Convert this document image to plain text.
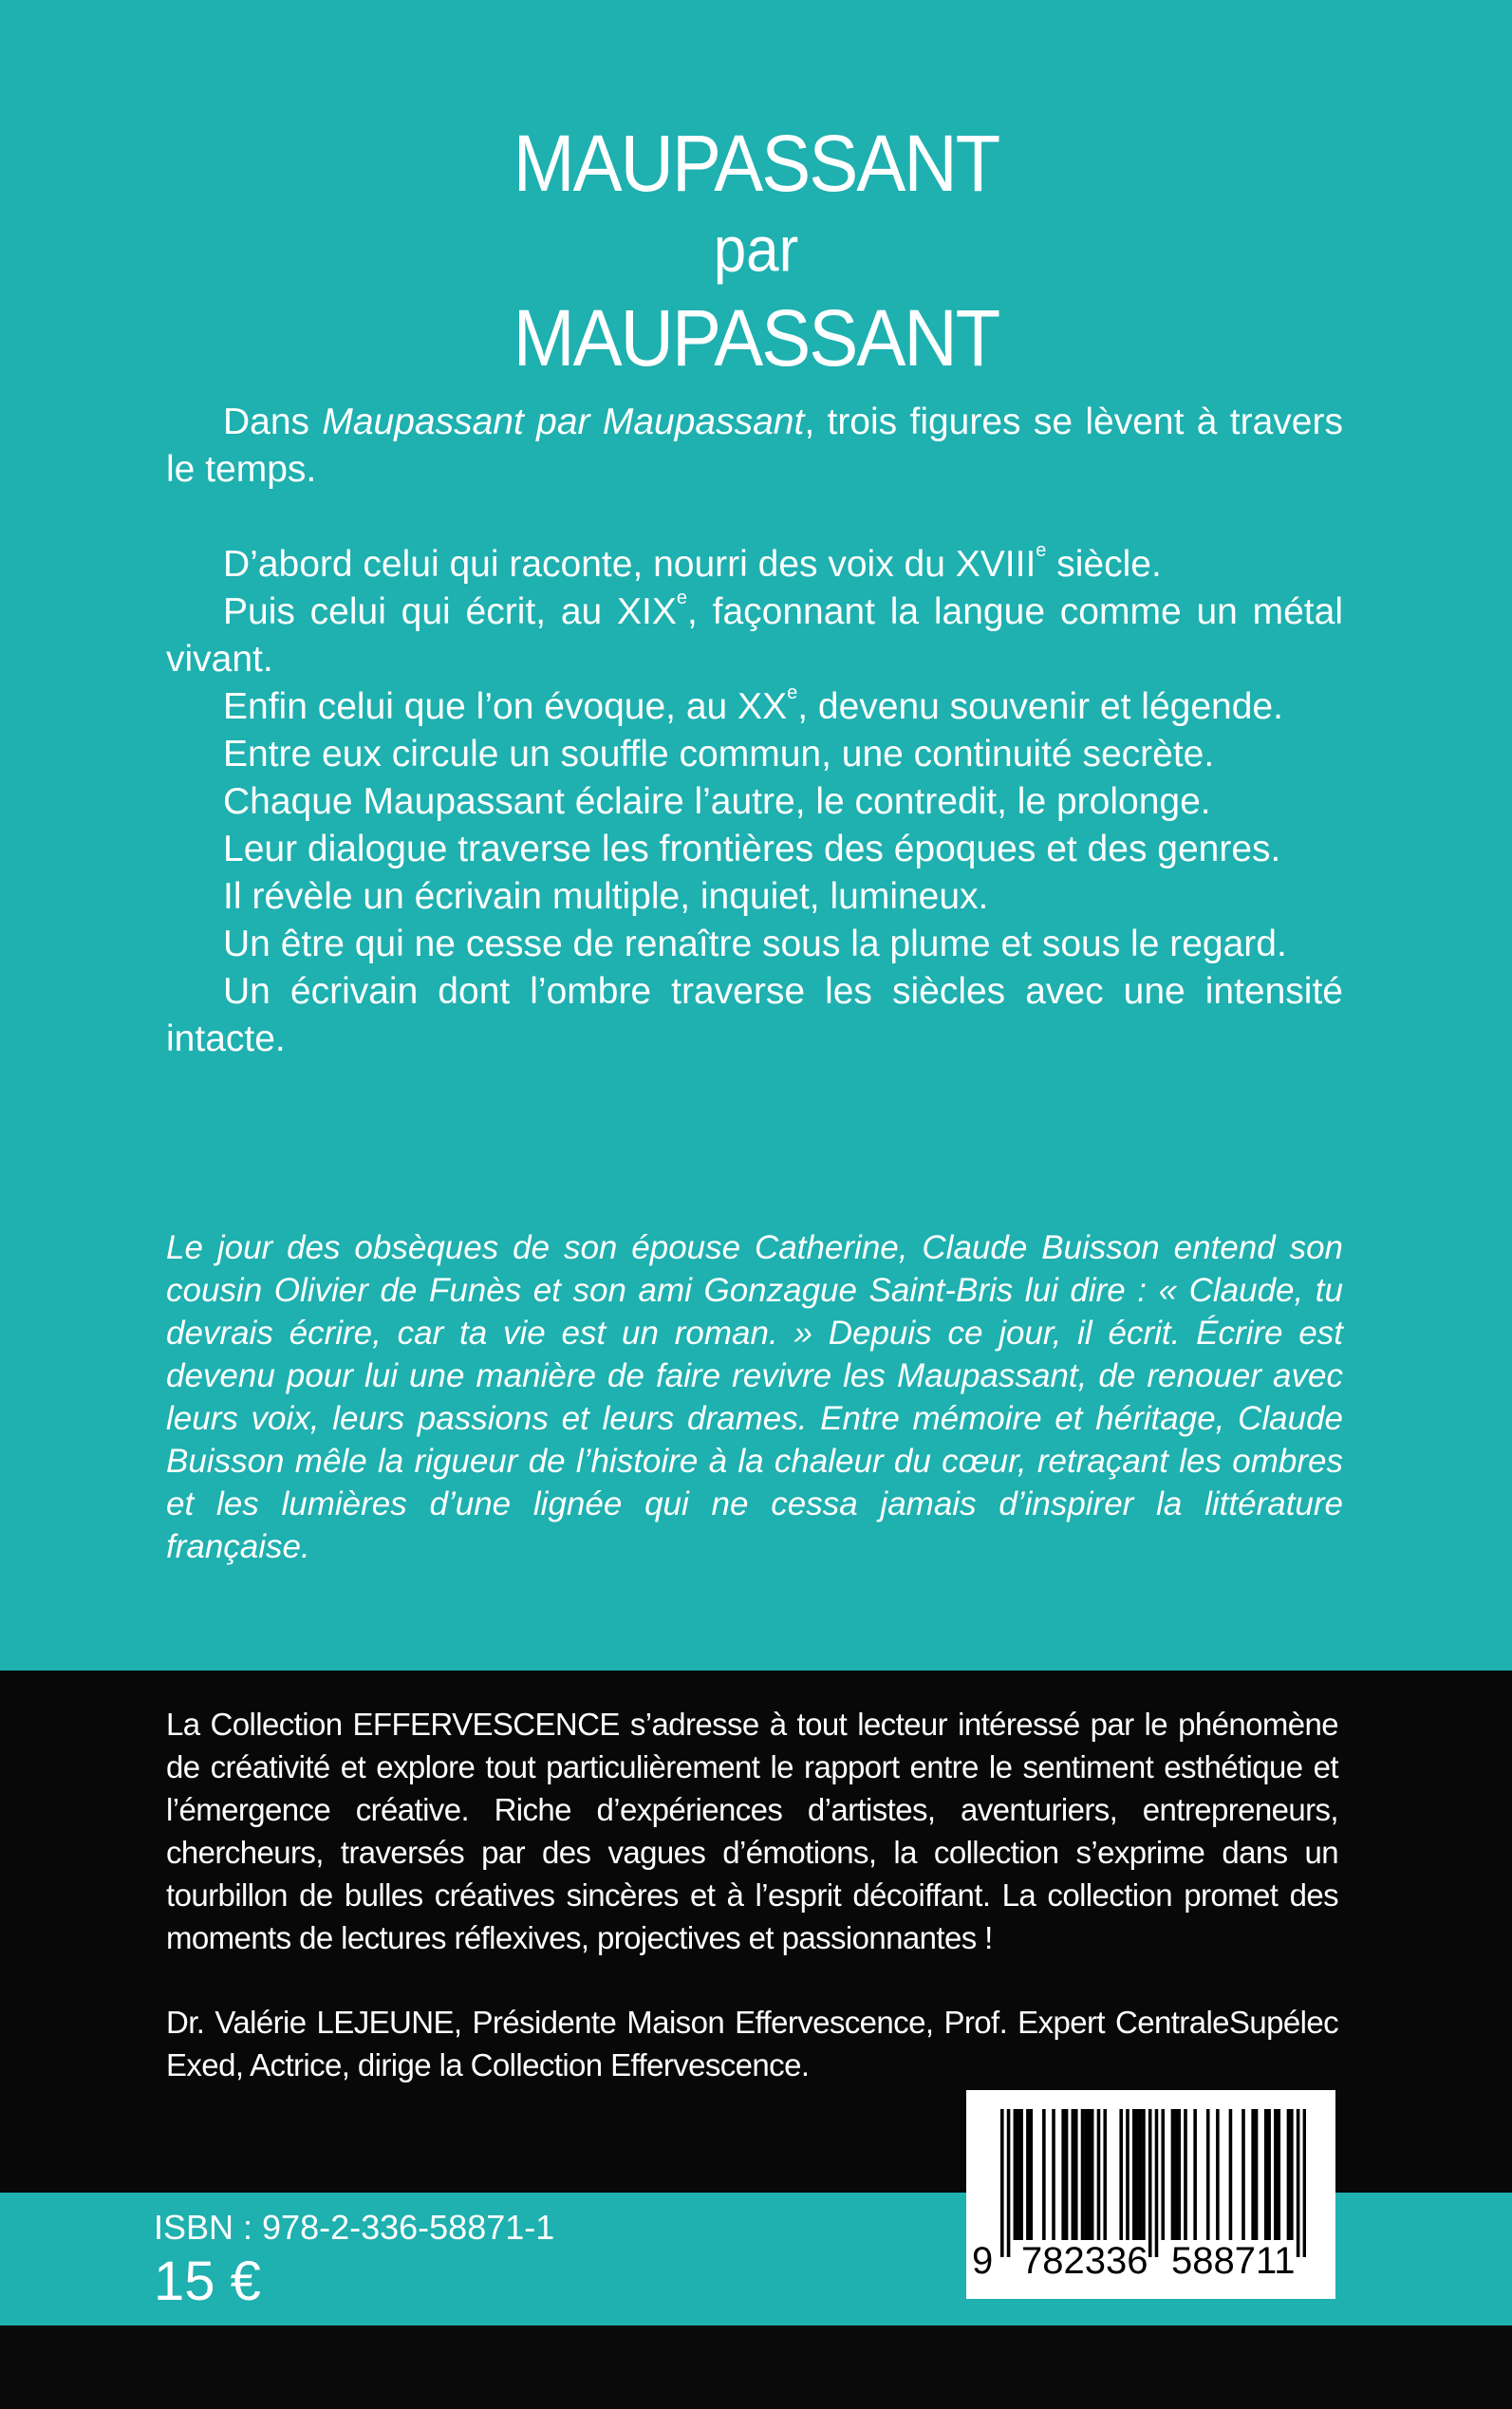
MAUPASSANT
par
MAUPASSANT

Dans Maupassant par Maupassant, trois figures se lèvent à travers le temps.

D’abord celui qui raconte, nourri des voix du XVIIIe siècle.

Puis celui qui écrit, au XIXe, façonnant la langue comme un métal vivant.

Enfin celui que l’on évoque, au XXe, devenu souvenir et légende.

Entre eux circule un souffle commun, une continuité secrète.

Chaque Maupassant éclaire l’autre, le contredit, le prolonge.

Leur dialogue traverse les frontières des époques et des genres.

Il révèle un écrivain multiple, inquiet, lumineux.

Un être qui ne cesse de renaître sous la plume et sous le regard.

Un écrivain dont l’ombre traverse les siècles avec une intensité intacte.

Le jour des obsèques de son épouse Catherine, Claude Buisson entend son cousin Olivier de Funès et son ami Gonzague Saint-Bris lui dire : « Claude, tu devrais écrire, car ta vie est un roman. » Depuis ce jour, il écrit. Écrire est devenu pour lui une manière de faire revivre les Maupassant, de renouer avec leurs voix, leurs passions et leurs drames. Entre mémoire et héritage, Claude Buisson mêle la rigueur de l’histoire à la chaleur du cœur, retraçant les ombres et les lumières d’une lignée qui ne cessa jamais d’inspirer la littérature française.

La Collection EFFERVESCENCE s’adresse à tout lecteur intéressé par le phénomène de créativité et explore tout particulièrement le rapport entre le sentiment esthétique et l’émergence créative. Riche d’expériences d’artistes, aventuriers, entrepreneurs, chercheurs, traversés par des vagues d’émotions, la collection s’exprime dans un tourbillon de bulles créatives sincères et à l’esprit décoiffant. La collection promet des moments de lectures réflexives, projectives et passionnantes !

Dr. Valérie LEJEUNE, Présidente Maison Effervescence, Prof. Expert CentraleSupélec Exed, Actrice, dirige la Collection Effervescence.

ISBN : 978-2-336-58871-1
15 €	9 782336 588711
